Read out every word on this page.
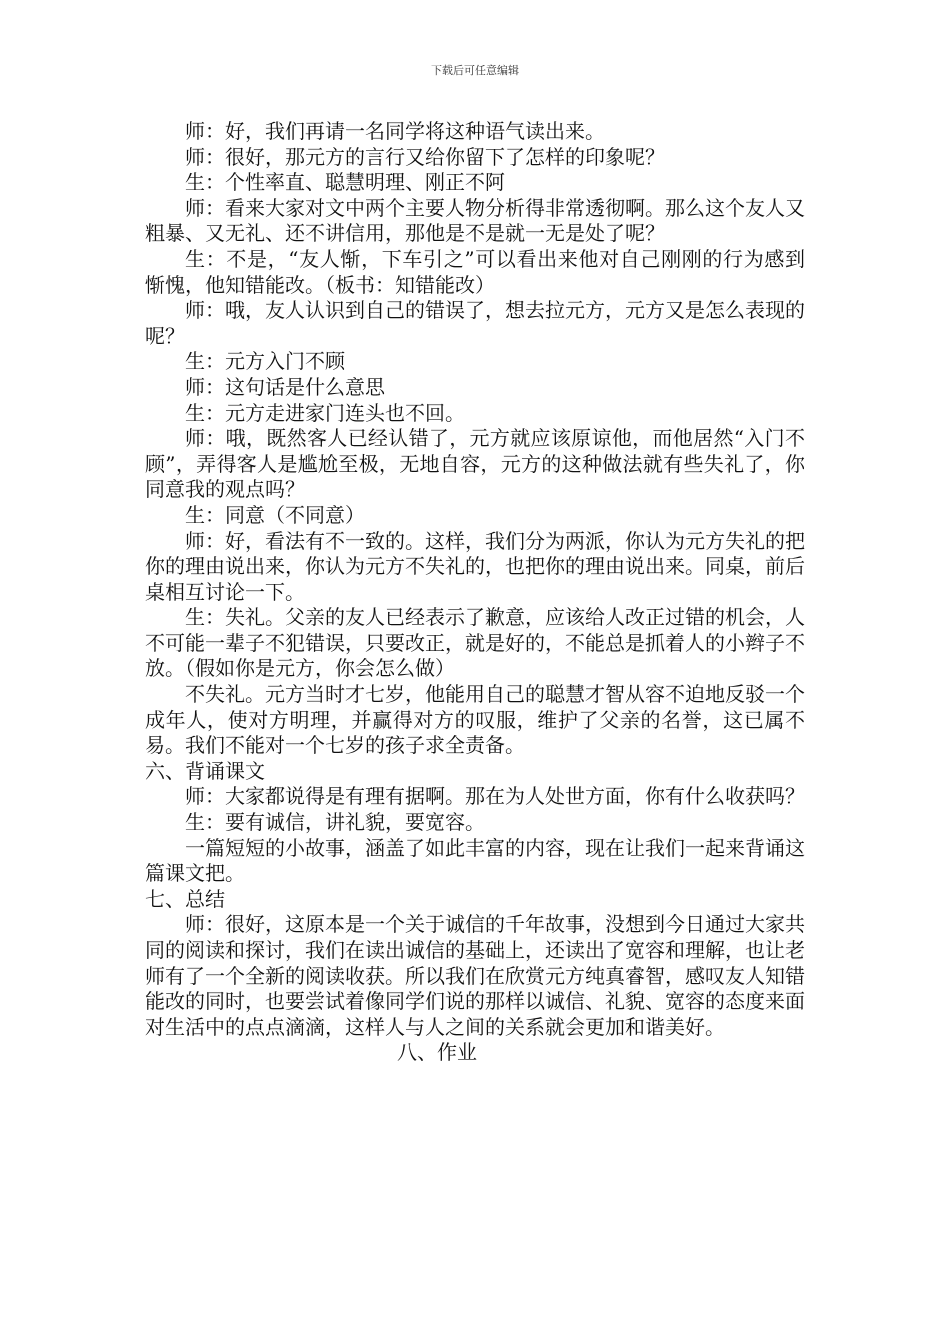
下载后可任意编辑

师：好，我们再请一名同学将这种语气读出来。

师：很好，那元方的言行又给你留下了怎样的印象呢？

生：个性率直、聪慧明理、刚正不阿

师：看来大家对文中两个主要人物分析得非常透彻啊。那么这个友人又粗暴、又无礼、还不讲信用，那他是不是就一无是处了呢？

生：不是，“友人惭，下车引之”可以看出来他对自己刚刚的行为感到惭愧，他知错能改。（板书：知错能改）

师：哦，友人认识到自己的错误了，想去拉元方，元方又是怎么表现的呢？

生：元方入门不顾

师：这句话是什么意思

生：元方走进家门连头也不回。

师：哦，既然客人已经认错了，元方就应该原谅他，而他居然“入门不顾”，弄得客人是尴尬至极，无地自容，元方的这种做法就有些失礼了，你同意我的观点吗？

生：同意（不同意）

师：好，看法有不一致的。这样，我们分为两派，你认为元方失礼的把你的理由说出来，你认为元方不失礼的，也把你的理由说出来。同桌，前后桌相互讨论一下。

生：失礼。父亲的友人已经表示了歉意，应该给人改正过错的机会，人不可能一辈子不犯错误，只要改正，就是好的，不能总是抓着人的小辫子不放。（假如你是元方，你会怎么做）

不失礼。元方当时才七岁，他能用自己的聪慧才智从容不迫地反驳一个成年人，使对方明理，并赢得对方的叹服，维护了父亲的名誉，这已属不易。我们不能对一个七岁的孩子求全责备。

六、背诵课文

师：大家都说得是有理有据啊。那在为人处世方面，你有什么收获吗？

生：要有诚信，讲礼貌，要宽容。

一篇短短的小故事，涵盖了如此丰富的内容，现在让我们一起来背诵这篇课文把。

七、总结

师：很好，这原本是一个关于诚信的千年故事，没想到今日通过大家共同的阅读和探讨，我们在读出诚信的基础上，还读出了宽容和理解，也让老师有了一个全新的阅读收获。所以我们在欣赏元方纯真睿智，感叹友人知错能改的同时，也要尝试着像同学们说的那样以诚信、礼貌、宽容的态度来面对生活中的点点滴滴，这样人与人之间的关系就会更加和谐美好。

八、作业
